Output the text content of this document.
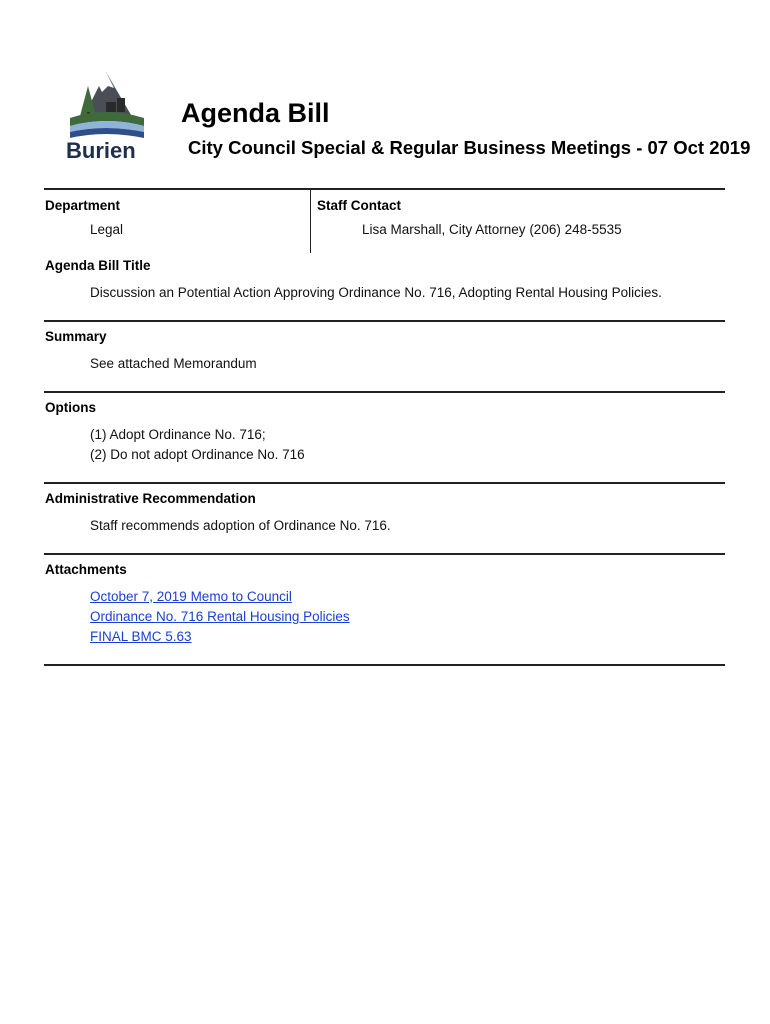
Burien
Agenda Bill
City Council Special & Regular Business Meetings - 07 Oct 2019
Department
Legal
Staff Contact
Lisa Marshall, City Attorney (206) 248-5535
Agenda Bill Title
Discussion an Potential Action Approving Ordinance No. 716, Adopting Rental Housing Policies.
Summary
See attached Memorandum
Options
(1) Adopt Ordinance No. 716;
(2) Do not adopt Ordinance No. 716
Administrative Recommendation
Staff recommends adoption of Ordinance No. 716.
Attachments
October 7, 2019 Memo to Council
Ordinance No. 716 Rental Housing Policies
FINAL BMC 5.63
